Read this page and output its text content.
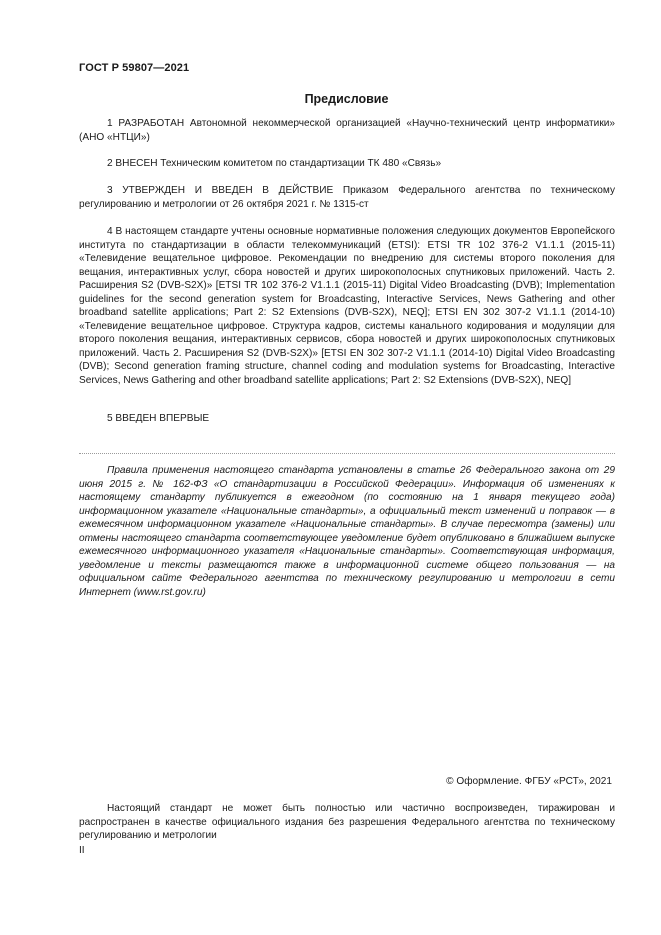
ГОСТ Р 59807—2021
Предисловие

1 РАЗРАБОТАН Автономной некоммерческой организацией «Научно-технический центр информатики» (АНО «НТЦИ»)

2 ВНЕСЕН Техническим комитетом по стандартизации ТК 480 «Связь»

3 УТВЕРЖДЕН И ВВЕДЕН В ДЕЙСТВИЕ Приказом Федерального агентства по техническому регулированию и метрологии от 26 октября 2021 г. № 1315-ст

4 В настоящем стандарте учтены основные нормативные положения следующих документов Европейского института по стандартизации в области телекоммуникаций (ETSI): ETSI TR 102 376-2 V1.1.1 (2015-11) «Телевидение вещательное цифровое. Рекомендации по внедрению для системы второго поколения для вещания, интерактивных услуг, сбора новостей и других широкополосных спутниковых приложений. Часть 2. Расширения S2 (DVB-S2X)» [ETSI TR 102 376-2 V1.1.1 (2015-11) Digital Video Broadcasting (DVB); Implementation guidelines for the second generation system for Broadcasting, Interactive Services, News Gathering and other broadband satellite applications; Part 2: S2 Extensions (DVB-S2X), NEQ]; ETSI EN 302 307-2 V1.1.1 (2014-10) «Телевидение вещательное цифровое. Структура кадров, системы канального кодирования и модуляции для второго поколения вещания, интерактивных сервисов, сбора новостей и других широкополосных спутниковых приложений. Часть 2. Расширения S2 (DVB-S2X)» [ETSI EN 302 307-2 V1.1.1 (2014-10) Digital Video Broadcasting (DVB); Second generation framing structure, channel coding and modulation systems for Broadcasting, Interactive Services, News Gathering and other broadband satellite applications; Part 2: S2 Extensions (DVB-S2X), NEQ]

5 ВВЕДЕН ВПЕРВЫЕ

Правила применения настоящего стандарта установлены в статье 26 Федерального закона от 29 июня 2015 г. № 162-ФЗ «О стандартизации в Российской Федерации». Информация об изменениях к настоящему стандарту публикуется в ежегодном (по состоянию на 1 января текущего года) информационном указателе «Национальные стандарты», а официальный текст изменений и поправок — в ежемесячном информационном указателе «Национальные стандарты». В случае пересмотра (замены) или отмены настоящего стандарта соответствующее уведомление будет опубликовано в ближайшем выпуске ежемесячного информационного указателя «Национальные стандарты». Соответствующая информация, уведомление и тексты размещаются также в информационной системе общего пользования — на официальном сайте Федерального агентства по техническому регулированию и метрологии в сети Интернет (www.rst.gov.ru)

© Оформление. ФГБУ «РСТ», 2021

Настоящий стандарт не может быть полностью или частично воспроизведен, тиражирован и распространен в качестве официального издания без разрешения Федерального агентства по техническому регулированию и метрологии

II
